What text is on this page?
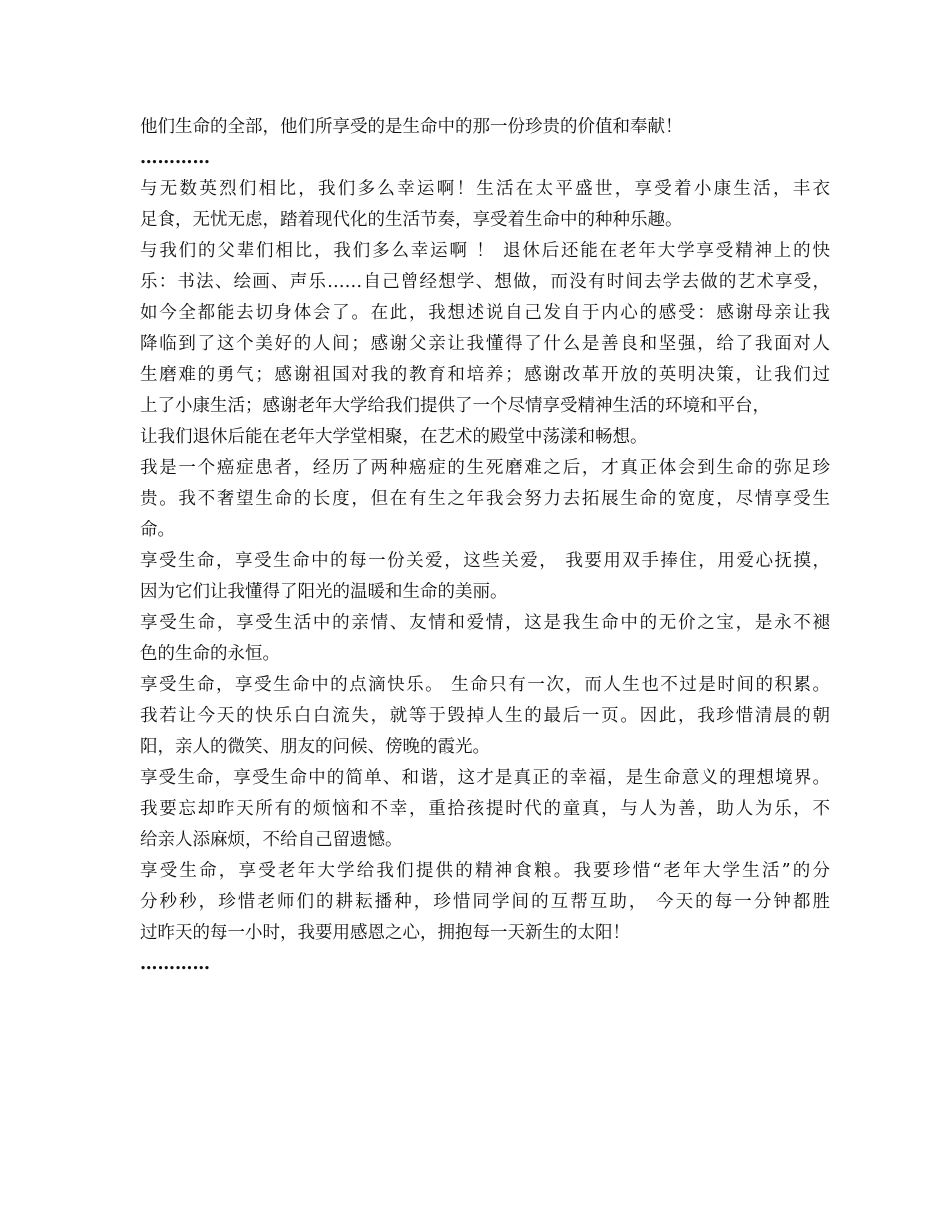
他们生命的全部，他们所享受的是生命中的那一份珍贵的价值和奉献！
…………
与无数英烈们相比，我们多么幸运啊！生活在太平盛世，享受着小康生活，丰衣
足食，无忧无虑，踏着现代化的生活节奏，享受着生命中的种种乐趣。
与我们的父辈们相比，我们多么幸运啊 ！ 退休后还能在老年大学享受精神上的快
乐：书法、绘画、声乐……自己曾经想学、想做，而没有时间去学去做的艺术享受，
如今全都能去切身体会了。在此，我想述说自己发自于内心的感受：感谢母亲让我
降临到了这个美好的人间；感谢父亲让我懂得了什么是善良和坚强，给了我面对人
生磨难的勇气；感谢祖国对我的教育和培养；感谢改革开放的英明决策，让我们过
上了小康生活；感谢老年大学给我们提供了一个尽情享受精神生活的环境和平台，
让我们退休后能在老年大学堂相聚，在艺术的殿堂中荡漾和畅想。
我是一个癌症患者，经历了两种癌症的生死磨难之后，才真正体会到生命的弥足珍
贵。我不奢望生命的长度，但在有生之年我会努力去拓展生命的宽度，尽情享受生
命。
享受生命，享受生命中的每一份关爱，这些关爱， 我要用双手捧住，用爱心抚摸，
因为它们让我懂得了阳光的温暖和生命的美丽。
享受生命，享受生活中的亲情、友情和爱情，这是我生命中的无价之宝，是永不褪
色的生命的永恒。
享受生命，享受生命中的点滴快乐。 生命只有一次，而人生也不过是时间的积累。
我若让今天的快乐白白流失，就等于毁掉人生的最后一页。因此，我珍惜清晨的朝
阳，亲人的微笑、朋友的问候、傍晚的霞光。
享受生命，享受生命中的简单、和谐，这才是真正的幸福，是生命意义的理想境界。
我要忘却昨天所有的烦恼和不幸，重拾孩提时代的童真，与人为善，助人为乐，不
给亲人添麻烦，不给自己留遗憾。
享受生命，享受老年大学给我们提供的精神食粮。我要珍惜“老年大学生活”的分
分秒秒，珍惜老师们的耕耘播种，珍惜同学间的互帮互助， 今天的每一分钟都胜
过昨天的每一小时，我要用感恩之心，拥抱每一天新生的太阳！
…………
